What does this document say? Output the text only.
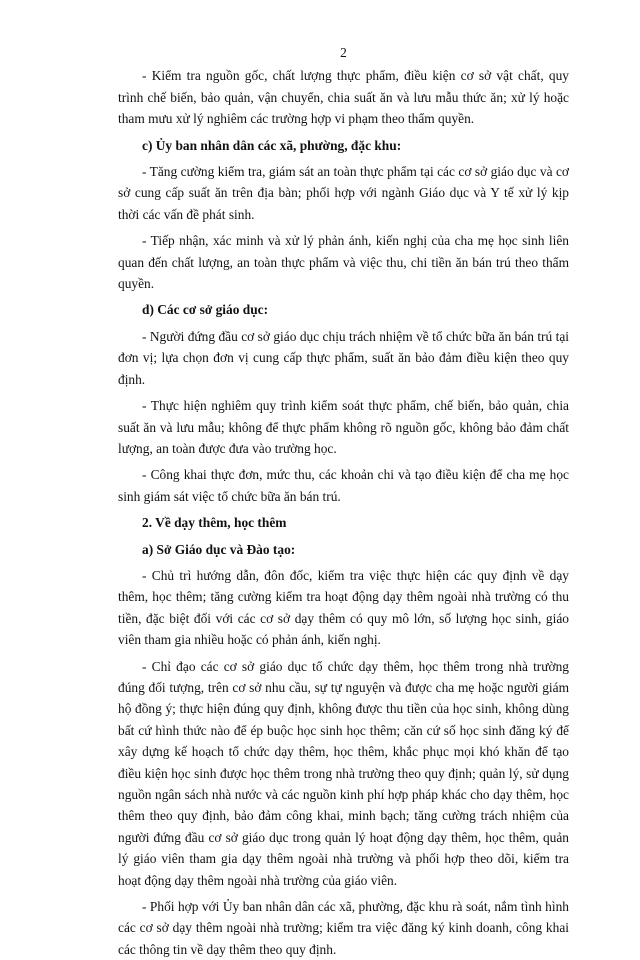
2

- Kiểm tra nguồn gốc, chất lượng thực phẩm, điều kiện cơ sở vật chất, quy trình chế biến, bảo quản, vận chuyển, chia suất ăn và lưu mẫu thức ăn; xử lý hoặc tham mưu xử lý nghiêm các trường hợp vi phạm theo thẩm quyền.

c) Ủy ban nhân dân các xã, phường, đặc khu:

- Tăng cường kiểm tra, giám sát an toàn thực phẩm tại các cơ sở giáo dục và cơ sở cung cấp suất ăn trên địa bàn; phối hợp với ngành Giáo dục và Y tế xử lý kịp thời các vấn đề phát sinh.

- Tiếp nhận, xác minh và xử lý phản ánh, kiến nghị của cha mẹ học sinh liên quan đến chất lượng, an toàn thực phẩm và việc thu, chi tiền ăn bán trú theo thẩm quyền.

d) Các cơ sở giáo dục:

- Người đứng đầu cơ sở giáo dục chịu trách nhiệm về tổ chức bữa ăn bán trú tại đơn vị; lựa chọn đơn vị cung cấp thực phẩm, suất ăn bảo đảm điều kiện theo quy định.

- Thực hiện nghiêm quy trình kiểm soát thực phẩm, chế biến, bảo quản, chia suất ăn và lưu mẫu; không để thực phẩm không rõ nguồn gốc, không bảo đảm chất lượng, an toàn được đưa vào trường học.

- Công khai thực đơn, mức thu, các khoản chi và tạo điều kiện để cha mẹ học sinh giám sát việc tổ chức bữa ăn bán trú.

2. Về dạy thêm, học thêm

a) Sở Giáo dục và Đào tạo:

- Chủ trì hướng dẫn, đôn đốc, kiểm tra việc thực hiện các quy định về dạy thêm, học thêm; tăng cường kiểm tra hoạt động dạy thêm ngoài nhà trường có thu tiền, đặc biệt đối với các cơ sở dạy thêm có quy mô lớn, số lượng học sinh, giáo viên tham gia nhiều hoặc có phản ánh, kiến nghị.

- Chỉ đạo các cơ sở giáo dục tổ chức dạy thêm, học thêm trong nhà trường đúng đối tượng, trên cơ sở nhu cầu, sự tự nguyện và được cha mẹ hoặc người giám hộ đồng ý; thực hiện đúng quy định, không được thu tiền của học sinh, không dùng bất cứ hình thức nào để ép buộc học sinh học thêm; căn cứ số học sinh đăng ký để xây dựng kế hoạch tổ chức dạy thêm, học thêm, khắc phục mọi khó khăn để tạo điều kiện học sinh được học thêm trong nhà trường theo quy định; quản lý, sử dụng nguồn ngân sách nhà nước và các nguồn kinh phí hợp pháp khác cho dạy thêm, học thêm theo quy định, bảo đảm công khai, minh bạch; tăng cường trách nhiệm của người đứng đầu cơ sở giáo dục trong quản lý hoạt động dạy thêm, học thêm, quản lý giáo viên tham gia dạy thêm ngoài nhà trường và phối hợp theo dõi, kiểm tra hoạt động dạy thêm ngoài nhà trường của giáo viên.

- Phối hợp với Ủy ban nhân dân các xã, phường, đặc khu rà soát, nắm tình hình các cơ sở dạy thêm ngoài nhà trường; kiểm tra việc đăng ký kinh doanh, công khai các thông tin về dạy thêm theo quy định.
